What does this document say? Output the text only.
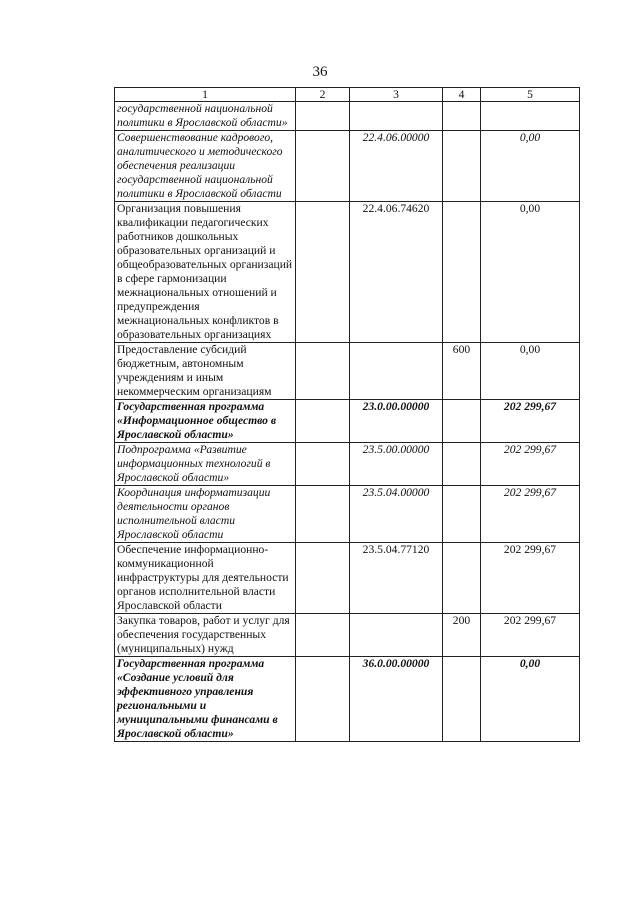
36
1	2	3	4	5
государственной национальной политики в Ярославской области»				
Совершенствование кадрового, аналитического и методического обеспечения реализации государственной национальной политики в Ярославской области		22.4.06.00000		0,00
Организация повышения квалификации педагогических работников дошкольных образовательных организаций и общеобразовательных организаций в сфере гармонизации межнациональных отношений и предупреждения межнациональных конфликтов в образовательных организациях		22.4.06.74620		0,00
Предоставление субсидий бюджетным, автономным учреждениям и иным некоммерческим организациям			600	0,00
Государственная программа «Информационное общество в Ярославской области»		23.0.00.00000		202 299,67
Подпрограмма «Развитие информационных технологий в Ярославской области»		23.5.00.00000		202 299,67
Координация информатизации деятельности органов исполнительной власти Ярославской области		23.5.04.00000		202 299,67
Обеспечение информационно-коммуникационной инфраструктуры для деятельности органов исполнительной власти Ярославской области		23.5.04.77120		202 299,67
Закупка товаров, работ и услуг для обеспечения государственных (муниципальных) нужд			200	202 299,67
Государственная программа «Создание условий для эффективного управления региональными и муниципальными финансами в Ярославской области»		36.0.00.00000		0,00
